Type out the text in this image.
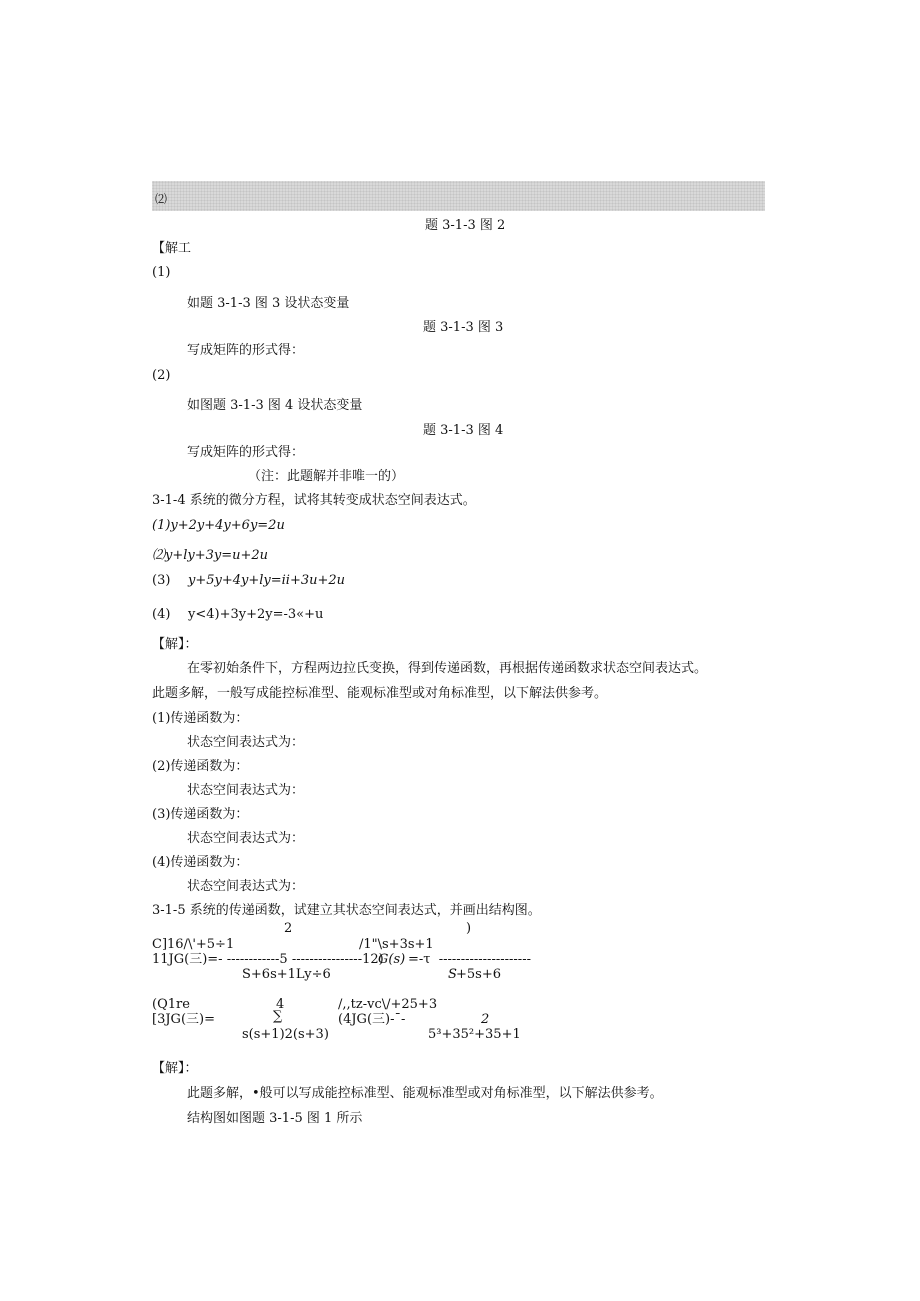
⑵
题 3-1-3 图 2
【解工
(1)
如题 3-1-3 图 3 设状态变量
题 3-1-3 图 3
写成矩阵的形式得：
(2)
如图题 3-1-3 图 4 设状态变量
题 3-1-3 图 4
写成矩阵的形式得：
（注：此题解并非唯一的）
3-1-4 系统的微分方程，试将其转变成状态空间表达式。
(1)y+2y+4y+6y=2u
⑵y+ly+3y=u+2u
(3) y+5y+4y+ly=ii+3u+2u
(4) y<4)+3y+2y=-3«+u
【解】：
在零初始条件下，方程两边拉氏变换，得到传递函数，再根据传递函数求状态空间表达式。
此题多解，一般写成能控标准型、能观标准型或对角标准型，以下解法供参考。
(1)传递函数为：
状态空间表达式为：
(2)传递函数为：
状态空间表达式为：
(3)传递函数为：
状态空间表达式为：
(4)传递函数为：
状态空间表达式为：
3-1-5 系统的传递函数，试建立其状态空间表达式，并画出结构图。
2	)
C]16/\'+5÷1	/1"\s+3s+1
11JG(三)=- ------------5 ----------------12)
G(s) =-τ  ---------------------
S+6s+1Ly÷6	S +5s+6
(Q1re	4	/,,tz-vc\/+25+3
[3JG(三)=	∑	(4JG(三)-¯-	2
s(s+1)2(s+3)	5³+35²+35+1
【解】：
此题多解，•般可以写成能控标准型、能观标准型或对角标准型，以下解法供参考。
结构图如图题 3-1-5 图 1 所示
